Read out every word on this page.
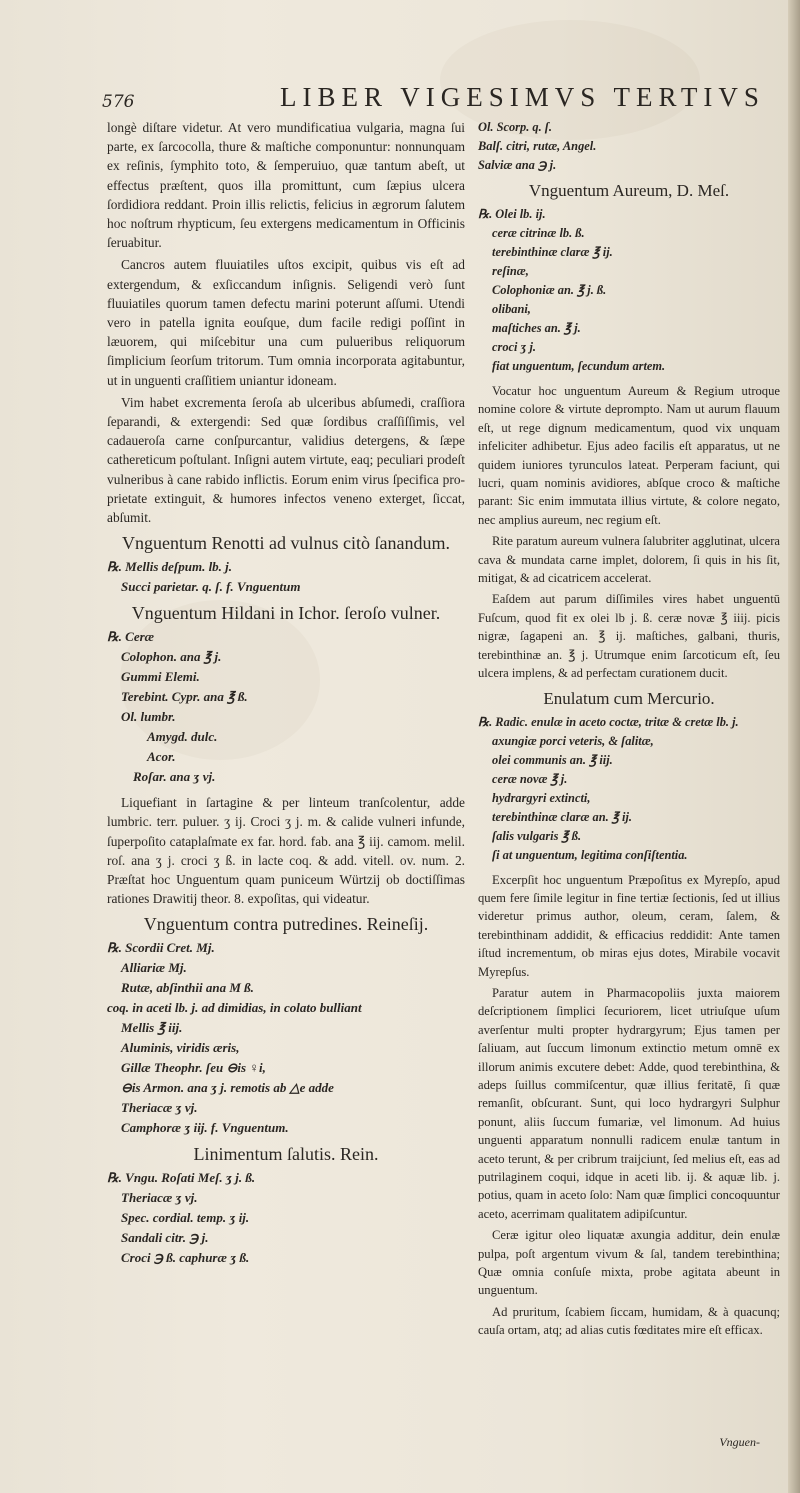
576	LIBER VIGESIMVS TERTIVS

longè diſtare videtur. At vero mundificatiua vulgaria, magna ſui parte, ex ſarcocolla, thure & maſtiche componuntur: nonnunquam ex reſinis, ſymphito toto, & ſemperuiuo, quæ tantum abeſt, ut effectus præſtent, quos illa promittunt, cum ſæpius ulcera ſordidiora reddant. Proin illis relictis, felicius in ægrorum ſalutem hoc noſtrum rhypticum, ſeu extergens medicamentum in Officinis ſeruabitur.

Cancros autem fluuiatiles uſtos excipit, quibus vis eſt ad extergendum, & exſiccandum inſignis. Seligendi verò ſunt fluuiatiles quorum tamen defectu marini poterunt aſſumi. Utendi vero in patella ignita eouſque, dum facile redigi poſſint in læuorem, qui miſcebitur una cum pulueribus reliquorum ſimplicium ſeorſum tritorum. Tum omnia incorporata agitabuntur, ut in unguenti craſſitiem uniantur idoneam.

Vim habet excrementa ſeroſa ab ulceribus abſumedi, craſſiora ſeparandi, & extergendi: Sed quæ ſordibus craſſiſſimis, vel cadaueroſa carne conſpurcantur, validius detergens, & ſæpe cathereticum poſtulant. Inſigni autem virtute, eaq; peculiari prodeſt vulneribus à cane rabido inflictis. Eorum enim virus ſpecifica proprietate extinguit, & humores infectos veneno exterget, ſiccat, abſumit.

Vnguentum Renotti ad vulnus citò ſanandum.
℞. Mellis deſpum. lb. j.
Succi parietar. q. ſ. f. Vnguentum
Vnguentum Hildani in Ichor. ſeroſo vulner.
℞. Ceræ
Colophon. ana ℥ j.
Gummi Elemi.
Terebint. Cypr. ana ℥ ß.
Ol. lumbr.
Amygd. dulc.
Acor.
Roſar. ana ʒ vj.

Liquefiant in ſartagine & per linteum tranſcolentur, adde lumbric. terr. puluer. ʒ ij. Croci ʒ j. m. & calide vulneri infunde, ſuperpoſito cataplaſmate ex far. hord. fab. ana ℥ iij. camom. melil. roſ. ana ʒ j. croci ʒ ß. in lacte coq. & add. vitell. ov. num. 2. Præſtat hoc Unguentum quam puniceum Würtzij ob doctiſſimas rationes Drawitij theor. 8. expoſitas, qui videatur.

Vnguentum contra putredines. Reineſij.
℞. Scordii Cret. Mj.
Alliariæ Mj.
Rutæ, abſinthii ana M ß.
coq. in aceti lb. j. ad dimidias, in colato bulliant
Mellis ℥ iij.
Aluminis, viridis æris,
Gillæ Theophr. ſeu ⊖is ♀i,
⊖is Armon. ana ʒ j. remotis ab △e adde
Theriacæ ʒ vj.
Camphoræ ʒ iij. f. Vnguentum.
Linimentum ſalutis. Rein.
℞. Vngu. Roſati Meſ. ʒ j. ß.
Theriacæ ʒ vj.
Spec. cordial. temp. ʒ ij.
Sandali citr. ℈ j.
Croci ℈ ß. caphuræ ʒ ß.
Ol. Scorp. q. ſ.
Balſ. citri, rutæ, Angel.
Salviæ ana ℈ j.
Vnguentum Aureum, D. Meſ.
℞. Olei lb. ij.
ceræ citrinæ lb. ß.
terebinthinæ claræ ℥ ij.
reſinæ,
Colophoniæ an. ℥ j. ß.
olibani,
maſtiches an. ℥ j.
croci ʒ j.
fiat unguentum, ſecundum artem.

Vocatur hoc unguentum Aureum & Regium utroque nomine colore & virtute deprompto. Nam ut aurum flauum eſt, ut rege dignum medicamentum, quod vix unquam infeliciter adhibetur. Ejus adeo facilis eſt apparatus, ut ne quidem iuniores tyrunculos lateat. Perperam faciunt, qui lucri, quam nominis avidiores, abſque croco & maſtiche parant: Sic enim immutata illius virtute, & colore negato, nec amplius aureum, nec regium eſt.

Rite paratum aureum vulnera ſalubriter agglutinat, ulcera cava & mundata carne implet, dolorem, ſi quis in his ſit, mitigat, & ad cicatricem accelerat.

Eaſdem aut parum diſſimiles vires habet unguentū Fuſcum, quod fit ex olei lb j. ß. ceræ novæ ℥ iiij. picis nigræ, ſagapeni an. ℥ ij. maſtiches, galbani, thuris, terebinthinæ an. ℥ j. Utrumque enim ſarcoticum eſt, ſeu ulcera implens, & ad perfectam curationem ducit.

Enulatum cum Mercurio.
℞. Radic. enulæ in aceto coctæ, tritæ & cretæ lb. j.
axungiæ porci veteris, & ſalitæ,
olei communis an. ℥ iij.
ceræ novæ ℥ j.
hydrargyri extincti,
terebinthinæ claræ an. ℥ ij.
ſalis vulgaris ℥ ß.
ſi at unguentum, legitima conſiſtentia.

Excerpſit hoc unguentum Præpoſitus ex Myrepſo, apud quem fere ſimile legitur in fine tertiæ ſectionis, ſed ut illius videretur primus author, oleum, ceram, ſalem, & terebinthinam addidit, & efficacius reddidit: Ante tamen iſtud incrementum, ob miras ejus dotes, Mirabile vocavit Myrepſus.

Paratur autem in Pharmacopoliis juxta maiorem deſcriptionem ſimplici ſecuriorem, licet utriuſque uſum averſentur multi propter hydrargyrum; Ejus tamen per ſaliuam, aut ſuccum limonum extinctio metum omnē ex illorum animis excutere debet: Adde, quod terebinthina, & adeps ſuillus commiſcentur, quæ illius feritatē, ſi quæ remanſit, obſcurant. Sunt, qui loco hydrargyri Sulphur ponunt, aliis ſuccum fumariæ, vel limonum. Ad huius unguenti apparatum nonnulli radicem enulæ tantum in aceto terunt, & per cribrum traijciunt, ſed melius eſt, eas ad putrilaginem coqui, idque in aceti lib. ij. & aquæ lib. j. potius, quam in aceto ſolo: Nam quæ ſimplici concoquuntur aceto, acerrimam qualitatem adipiſcuntur.

Ceræ igitur oleo liquatæ axungia additur, dein enulæ pulpa, poſt argentum vivum & ſal, tandem terebinthina; Quæ omnia conſuſe mixta, probe agitata abeunt in unguentum.

Ad pruritum, ſcabiem ſiccam, humidam, & à quacunq; cauſa ortam, atq; ad alias cutis fœditates mire eſt efficax.

Vnguen-
